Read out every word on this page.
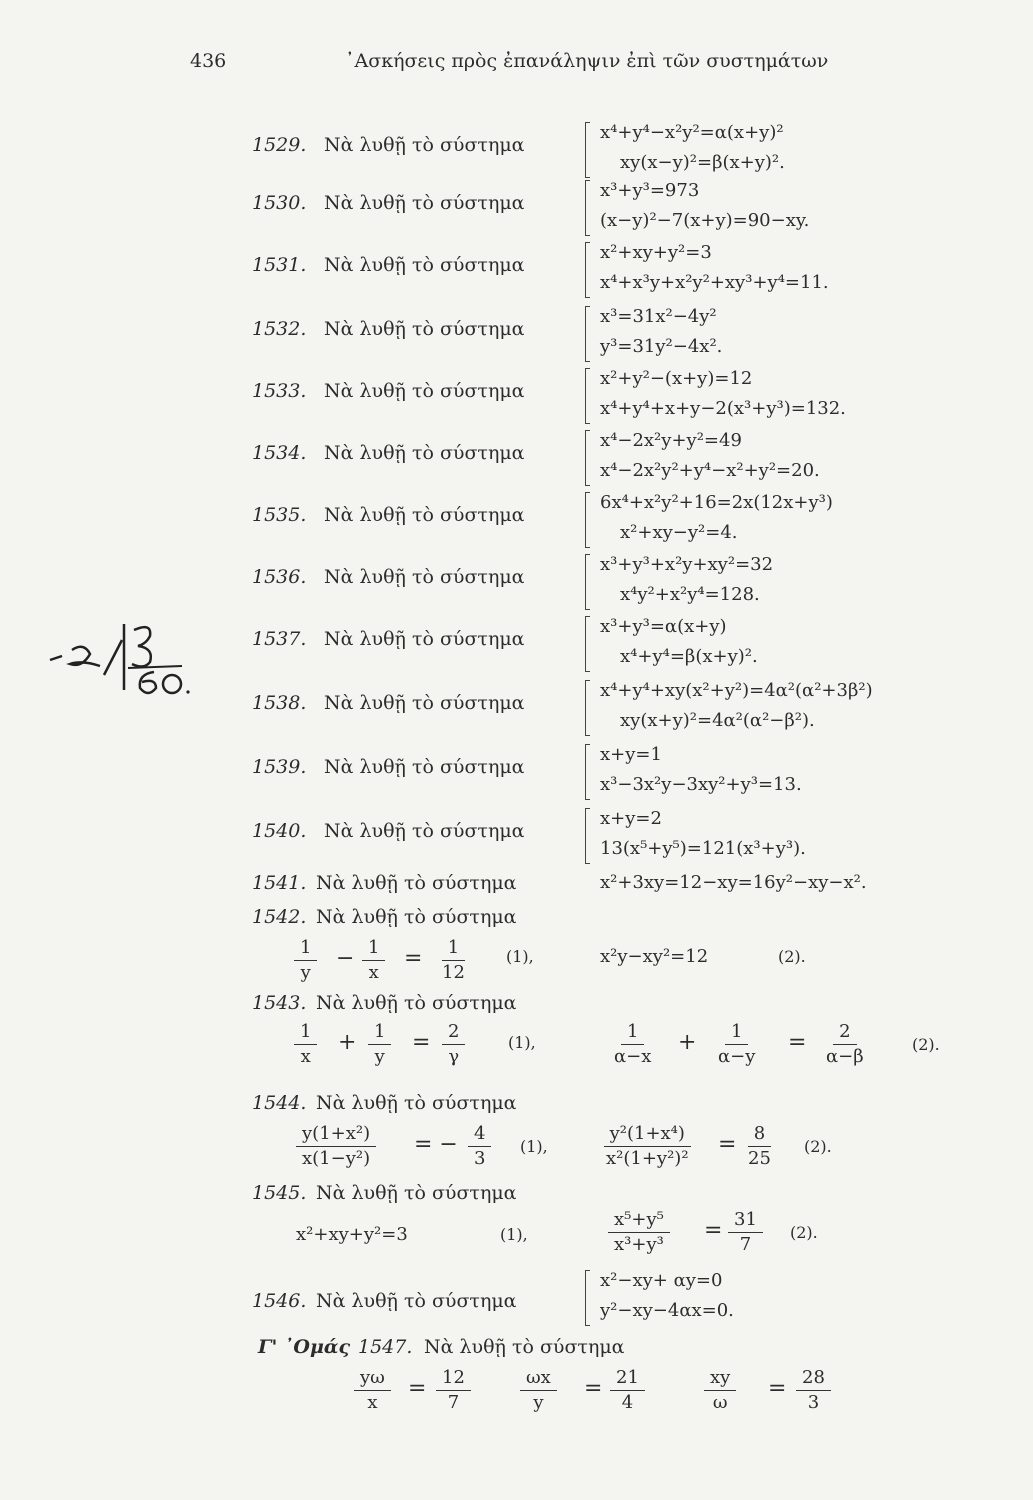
436	᾿Ασκήσεις πρὸς ἐπανάληψιν ἐπὶ τῶν συστημάτων
1529. Νὰ λυθῇ τὸ σύστημα
x⁴+y⁴−x²y²=α(x+y)²
xy(x−y)²=β(x+y)².
1530. Νὰ λυθῇ τὸ σύστημα
x³+y³=973
(x−y)²−7(x+y)=90−xy.
1531. Νὰ λυθῇ τὸ σύστημα
x²+xy+y²=3
x⁴+x³y+x²y²+xy³+y⁴=11.
1532. Νὰ λυθῇ τὸ σύστημα
x³=31x²−4y²
y³=31y²−4x².
1533. Νὰ λυθῇ τὸ σύστημα
x²+y²−(x+y)=12
x⁴+y⁴+x+y−2(x³+y³)=132.
1534. Νὰ λυθῇ τὸ σύστημα
x⁴−2x²y+y²=49
x⁴−2x²y²+y⁴−x²+y²=20.
1535. Νὰ λυθῇ τὸ σύστημα
6x⁴+x²y²+16=2x(12x+y³)
x²+xy−y²=4.
1536. Νὰ λυθῇ τὸ σύστημα
x³+y³+x²y+xy²=32
x⁴y²+x²y⁴=128.
1537. Νὰ λυθῇ τὸ σύστημα
x³+y³=α(x+y)
x⁴+y⁴=β(x+y)².
1538. Νὰ λυθῇ τὸ σύστημα
x⁴+y⁴+xy(x²+y²)=4α²(α²+3β²)
xy(x+y)²=4α²(α²−β²).
1539. Νὰ λυθῇ τὸ σύστημα
x+y=1
x³−3x²y−3xy²+y³=13.
1540. Νὰ λυθῇ τὸ σύστημα
x+y=2
13(x⁵+y⁵)=121(x³+y³).
1541. Νὰ λυθῇ τὸ σύστημα	x²+3xy=12−xy=16y²−xy−x².
1542. Νὰ λυθῇ τὸ σύστημα
$\frac{1}{y} - \frac{1}{x} = \frac{1}{12} (1)$,	x²y−xy²=12	(2).
1543. Νὰ λυθῇ τὸ σύστημα
$\frac{1}{x} + \frac{1}{y} = \frac{2}{\gamma}$	(1),	$\frac{1}{\alpha-x} + \frac{1}{\alpha-y} = \frac{2}{\alpha-\beta}$	(2).
1544. Νὰ λυθῇ τὸ σύστημα
$\frac{\text{y(1+x²)}}{\text{x(1−y²)}}$ = − $\frac{4}{3} (1)$,	$\frac{\text{y²(1+x⁴)}}{\text{x²(1+y²)²}} = \frac{8}{25} (2)$.
1545. Νὰ λυθῇ τὸ σύστημα
x²+xy+y²=3	(1),	$\frac{\text{x⁵+y⁵}}{\text{x³+y³}} = \frac{31}{7} (2)$.
1546. Νὰ λυθῇ τὸ σύστημα
x²−xy+ αy=0
y²−xy−4αx=0.
Γ' ᾿Ομάς 1547. Νὰ λυθῇ τὸ σύστημα
$\frac{y\omega}{x} = \frac{12}{7}$	$\frac{\omega x}{y} = \frac{21}{4}$	$\frac{xy}{\omega} = \frac{28}{3}$
